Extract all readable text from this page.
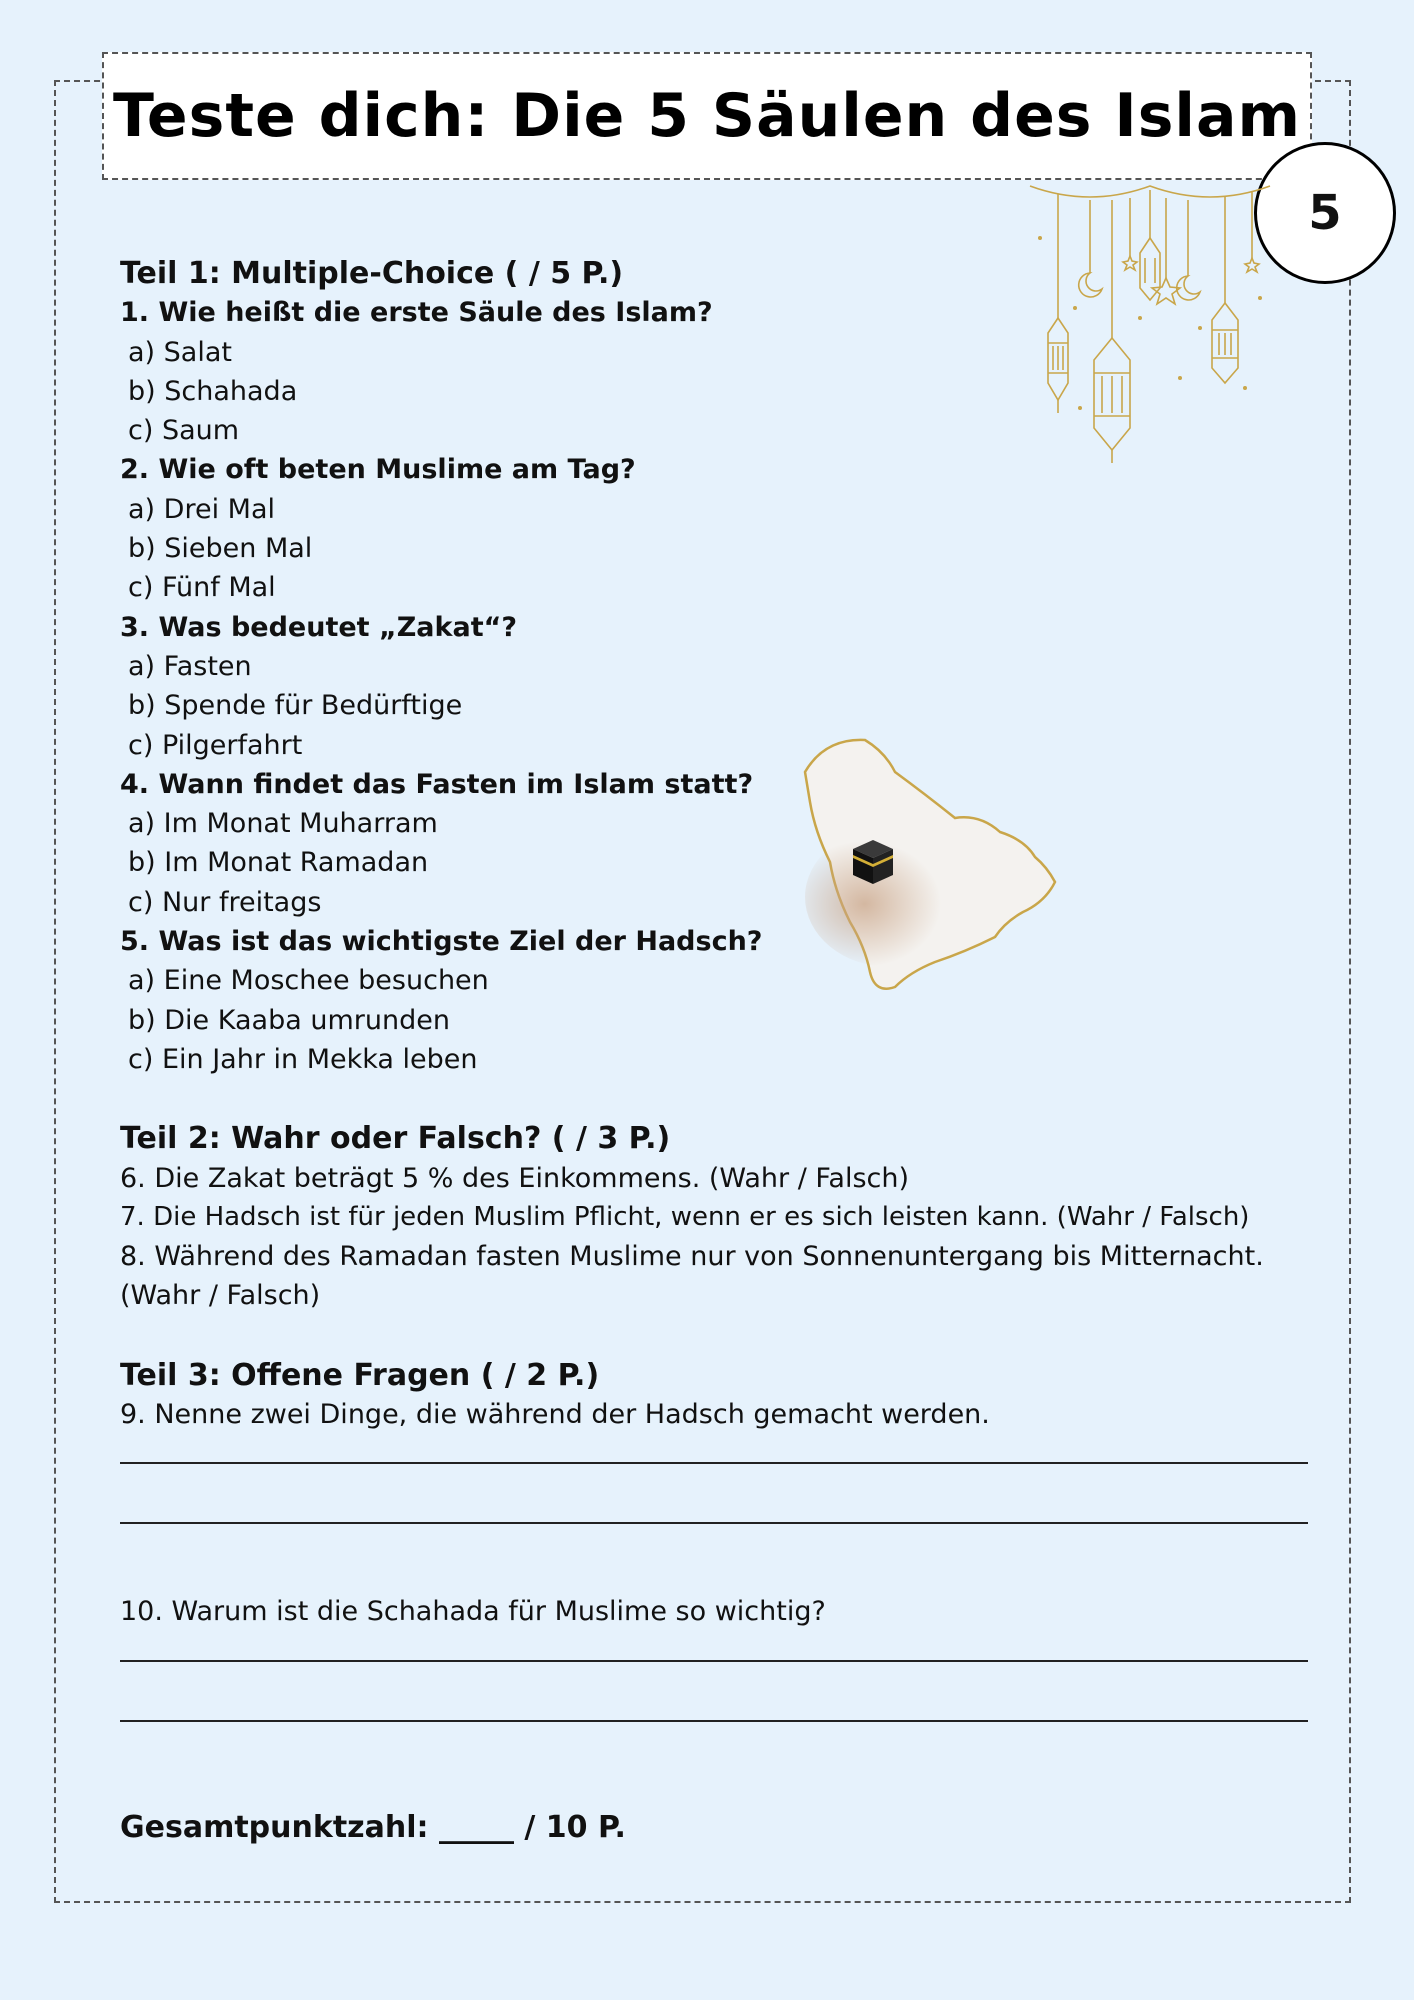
Teste dich: Die 5 Säulen des Islam
5
Teil 1: Multiple-Choice ( / 5 P.)
1. Wie heißt die erste Säule des Islam?
a) Salat
b) Schahada
c) Saum
2. Wie oft beten Muslime am Tag?
a) Drei Mal
b) Sieben Mal
c) Fünf Mal
3. Was bedeutet „Zakat“?
a) Fasten
b) Spende für Bedürftige
c) Pilgerfahrt
4. Wann findet das Fasten im Islam statt?
a) Im Monat Muharram
b) Im Monat Ramadan
c) Nur freitags
5. Was ist das wichtigste Ziel der Hadsch?
a) Eine Moschee besuchen
b) Die Kaaba umrunden
c) Ein Jahr in Mekka leben
Teil 2: Wahr oder Falsch? ( / 3 P.)
6. Die Zakat beträgt 5 % des Einkommens. (Wahr / Falsch)
7. Die Hadsch ist für jeden Muslim Pflicht, wenn er es sich leisten kann. (Wahr / Falsch)
8. Während des Ramadan fasten Muslime nur von Sonnenuntergang bis Mitternacht.
(Wahr / Falsch)
Teil 3: Offene Fragen ( / 2 P.)
9. Nenne zwei Dinge, die während der Hadsch gemacht werden.
10. Warum ist die Schahada für Muslime so wichtig?
Gesamtpunktzahl: _____ / 10 P.
